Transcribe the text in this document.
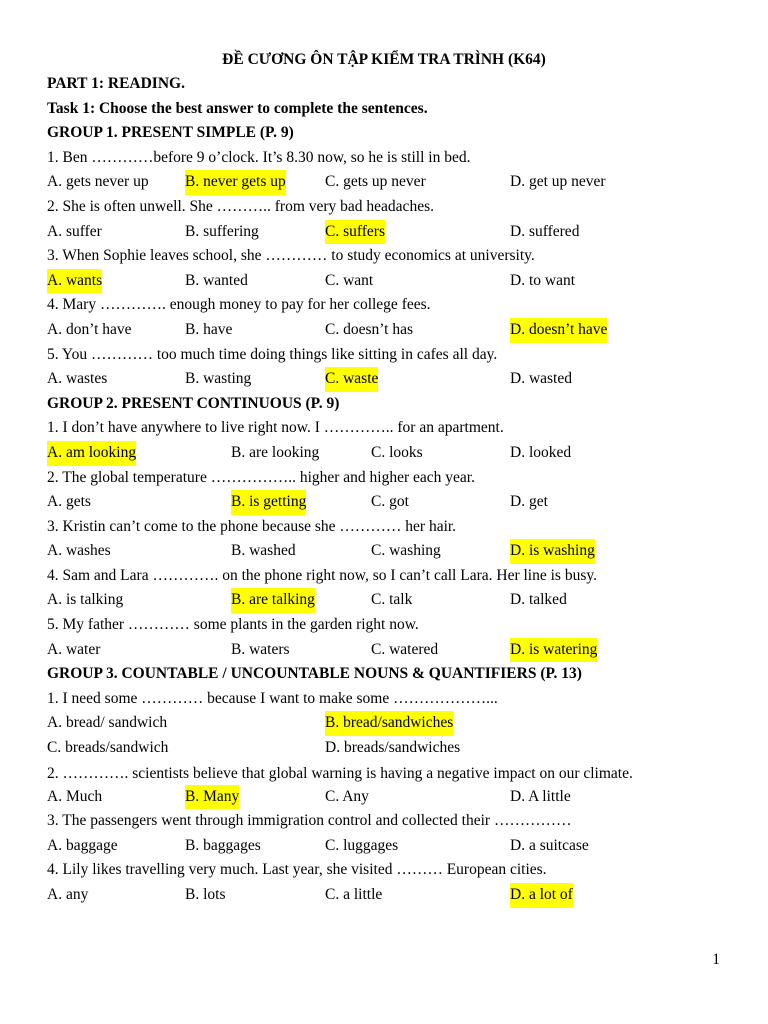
ĐỀ CƯƠNG ÔN TẬP KIỂM TRA TRÌNH (K64)
PART 1: READING.
Task 1: Choose the best answer to complete the sentences.
GROUP 1. PRESENT SIMPLE (P. 9)
1. Ben …………before 9 o’clock. It’s 8.30 now, so he is still in bed.
A. gets never up B. never gets up	C. gets up never	D. get up never
2. She is often unwell. She ……….. from very bad headaches.
A. suffer	B. suffering	C. suffers	D. suffered
3. When Sophie leaves school, she ………… to study economics at university.
A. wants	B. wanted	C. want	D. to want
4. Mary …………. enough money to pay for her college fees.
A. don’t have	B. have	C. doesn’t has	D. doesn’t have
5. You ………… too much time doing things like sitting in cafes all day.
A. wastes	B. wasting	C. waste	D. wasted
GROUP 2. PRESENT CONTINUOUS (P. 9)
1. I don’t have anywhere to live right now. I ………….. for an apartment.
A. am looking	B. are looking	C. looks	D. looked
2. The global temperature …………….. higher and higher each year.
A. gets	B. is getting	C. got	D. get
3. Kristin can’t come to the phone because she ………… her hair.
A. washes	B. washed	C. washing	D. is washing
4. Sam and Lara …………. on the phone right now, so I can’t call Lara. Her line is busy.
A. is talking	B. are talking	C. talk	D. talked
5. My father ………… some plants in the garden right now.
A. water	B. waters	C. watered	D. is watering
GROUP 3. COUNTABLE / UNCOUNTABLE NOUNS & QUANTIFIERS (P. 13)
1. I need some ………… because I want to make some ………………...
A. bread/ sandwich	B. bread/sandwiches
C. breads/sandwich	D. breads/sandwiches
2. …………. scientists believe that global warning is having a negative impact on our climate.
A. Much	B. Many	C. Any	D. A little
3. The passengers went through immigration control and collected their ……………
A. baggage	B. baggages	C. luggages	D. a suitcase
4. Lily likes travelling very much. Last year, she visited ……… European cities.
A. any	B. lots	C. a little	D. a lot of
1
